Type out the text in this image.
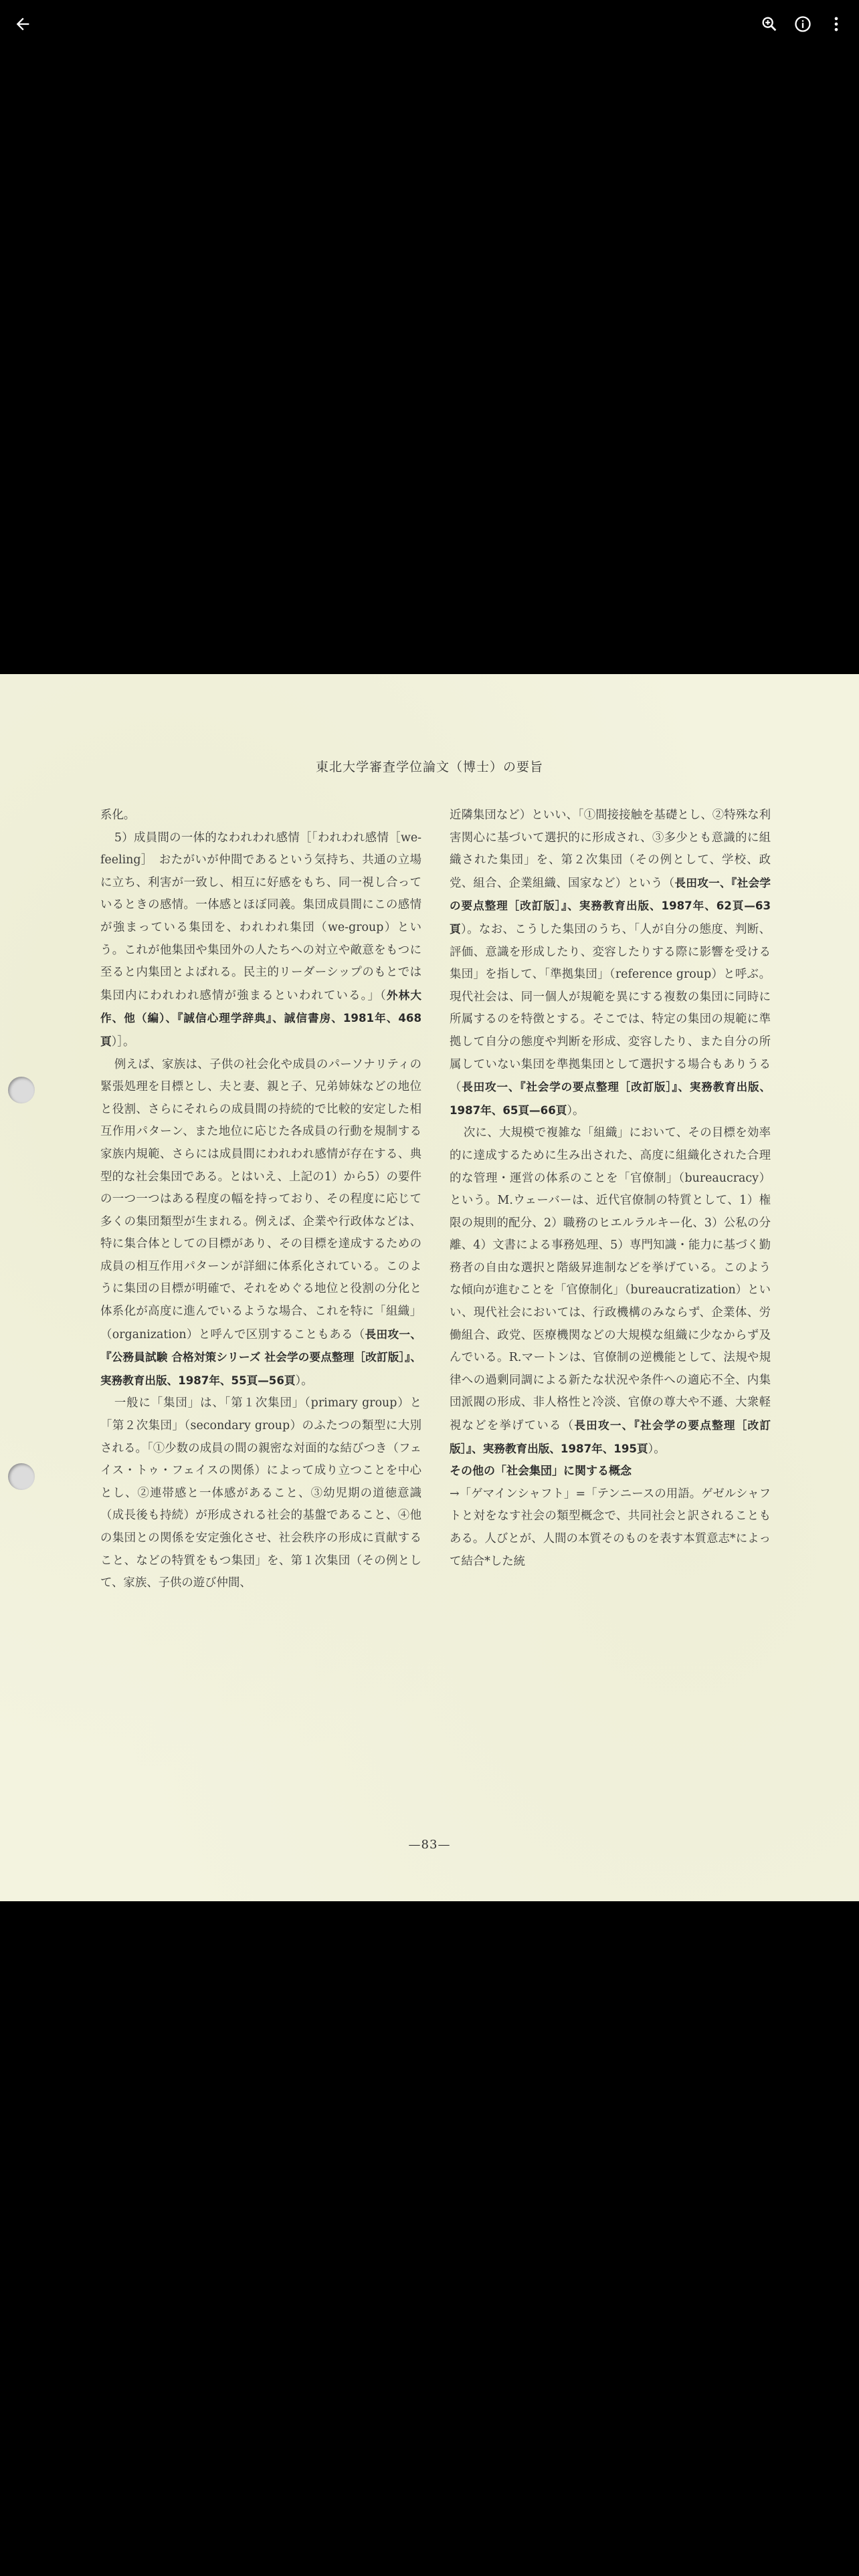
東北大学審査学位論文（博士）の要旨

系化。

5）成員間の一体的なわれわれ感情［「われわれ感情［we-feeling］　おたがいが仲間であるという気持ち、共通の立場に立ち、利害が一致し、相互に好感をもち、同一視し合っているときの感情。一体感とほぼ同義。集団成員間にこの感情が強まっている集団を、われわれ集団（we-group）という。これが他集団や集団外の人たちへの対立や敵意をもつに至ると内集団とよばれる。民主的リーダーシップのもとでは集団内にわれわれ感情が強まるといわれている。」（外林大作、他（編）、『誠信心理学辞典』、誠信書房、1981年、468頁）］。

例えば、家族は、子供の社会化や成員のパーソナリティの緊張処理を目標とし、夫と妻、親と子、兄弟姉妹などの地位と役割、さらにそれらの成員間の持続的で比較的安定した相互作用パターン、また地位に応じた各成員の行動を規制する家族内規範、さらには成員間にわれわれ感情が存在する、典型的な社会集団である。とはいえ、上記の1）から5）の要件の一つ一つはある程度の幅を持っており、その程度に応じて多くの集団類型が生まれる。例えば、企業や行政体などは、特に集合体としての目標があり、その目標を達成するための成員の相互作用パターンが詳細に体系化されている。このように集団の目標が明確で、それをめぐる地位と役割の分化と体系化が高度に進んでいるような場合、これを特に「組織」（organization）と呼んで区別することもある（長田攻一、『公務員試験 合格対策シリーズ 社会学の要点整理［改訂版］』、実務教育出版、1987年、55頁—56頁）。

一般に「集団」は、「第１次集団」（primary group）と「第２次集団」（secondary group）のふたつの類型に大別される。「①少数の成員の間の親密な対面的な結びつき（フェイス・トゥ・フェイスの関係）によって成り立つことを中心とし、②連帯感と一体感があること、③幼児期の道徳意識（成長後も持続）が形成される社会的基盤であること、④他の集団との関係を安定強化させ、社会秩序の形成に貢献すること、などの特質をもつ集団」を、第１次集団（その例として、家族、子供の遊び仲間、

近隣集団など）といい、「①間接接触を基礎とし、②特殊な利害関心に基づいて選択的に形成され、③多少とも意識的に組織された集団」を、第２次集団（その例として、学校、政党、組合、企業組織、国家など）という（長田攻一、『社会学の要点整理［改訂版］』、実務教育出版、1987年、62頁—63頁）。なお、こうした集団のうち、「人が自分の態度、判断、評価、意識を形成したり、変容したりする際に影響を受ける集団」を指して、「準拠集団」（reference group）と呼ぶ。現代社会は、同一個人が規範を異にする複数の集団に同時に所属するのを特徴とする。そこでは、特定の集団の規範に準拠して自分の態度や判断を形成、変容したり、また自分の所属していない集団を準拠集団として選択する場合もありうる（長田攻一、『社会学の要点整理［改訂版］』、実務教育出版、1987年、65頁—66頁）。

次に、大規模で複雑な「組織」において、その目標を効率的に達成するために生み出された、高度に組織化された合理的な管理・運営の体系のことを「官僚制」（bureaucracy）という。M.ウェーバーは、近代官僚制の特質として、1）権限の規則的配分、2）職務のヒエルラルキー化、3）公私の分離、4）文書による事務処理、5）専門知識・能力に基づく勤務者の自由な選択と階級昇進制などを挙げている。このような傾向が進むことを「官僚制化」（bureaucratization）といい、現代社会においては、行政機構のみならず、企業体、労働組合、政党、医療機関などの大規模な組織に少なからず及んでいる。R.マートンは、官僚制の逆機能として、法規や規律への過剰同調による新たな状況や条件への適応不全、内集団派閥の形成、非人格性と冷淡、官僚の尊大や不遜、大衆軽視などを挙げている（長田攻一、『社会学の要点整理［改訂版］』、実務教育出版、1987年、195頁）。

その他の「社会集団」に関する概念

→「ゲマインシャフト」=「テンニースの用語。ゲゼルシャフトと対をなす社会の類型概念で、共同社会と訳されることもある。人びとが、人間の本質そのものを表す本質意志*によって結合*した統

—83—
